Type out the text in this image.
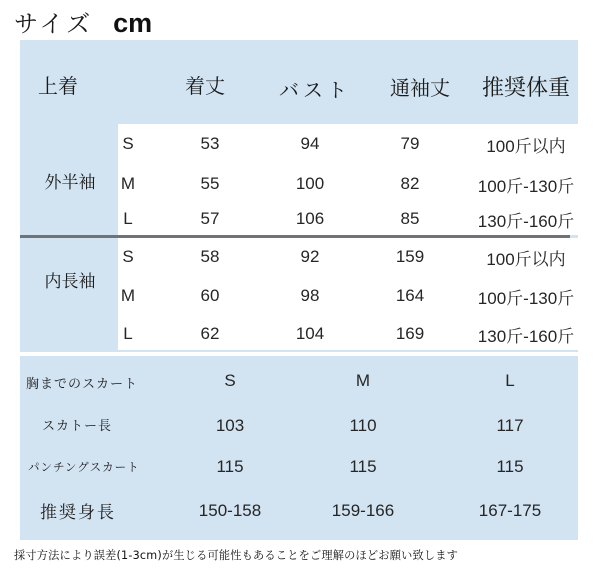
サイズ cm
上着	着丈	バスト	通袖丈	推奨体重
外半袖
S	53	94	79	100斤以内
M	55	100	82	100斤-130斤
L	57	106	85	130斤-160斤
内長袖
S	58	92	159	100斤以内
M	60	98	164	100斤-130斤
L	62	104	169	130斤-160斤
胸までのスカート	S	M	L
スカトー長	103	110	117
パンチングスカート	115	115	115
推奨身長	150-158	159-166	167-175
採寸方法により誤差(1-3cm)が生じる可能性もあることをご理解のほどお願い致します
